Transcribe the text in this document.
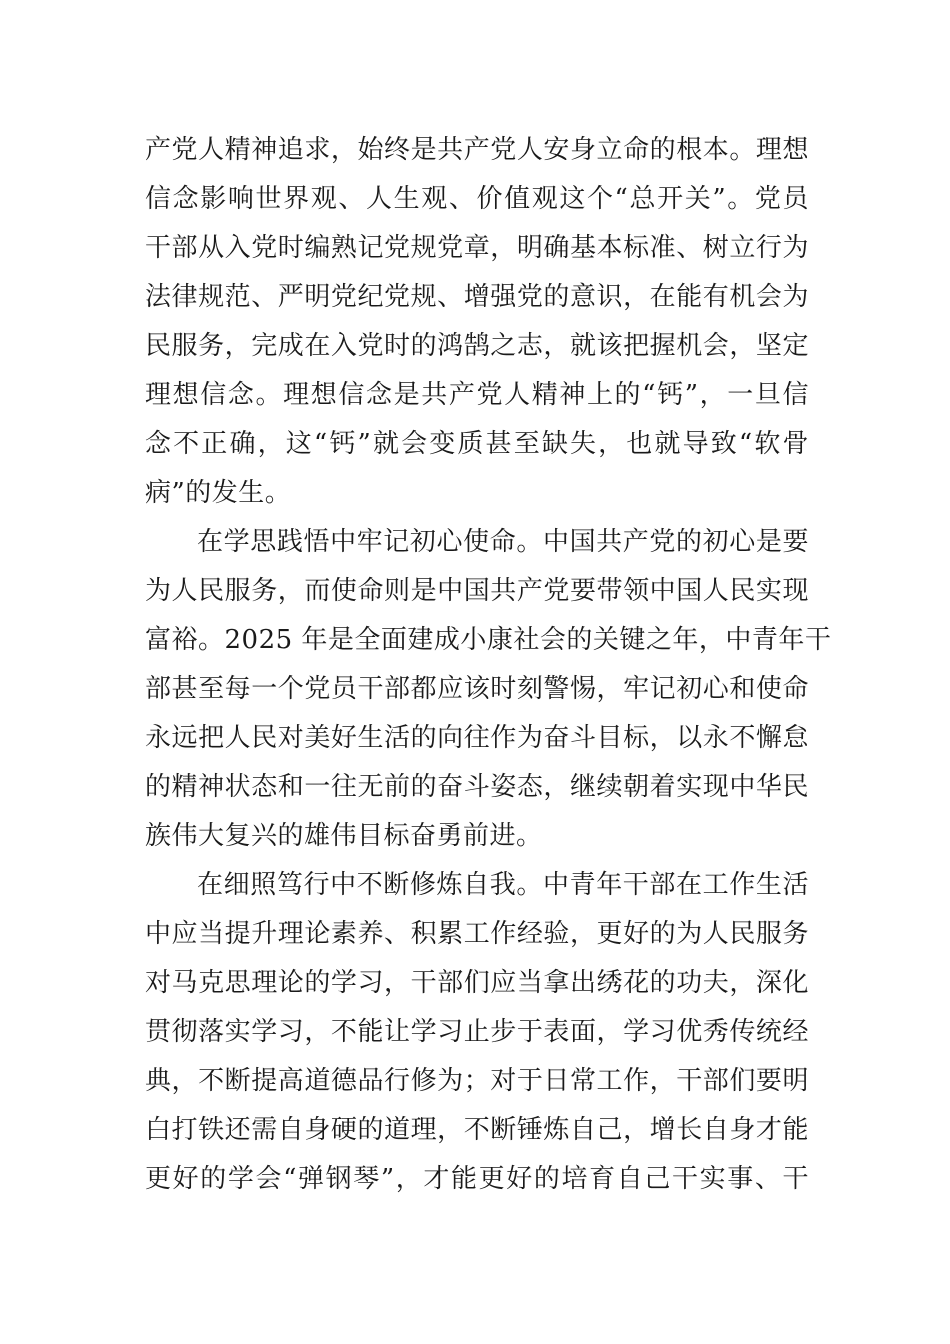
产党人精神追求，始终是共产党人安身立命的根本。理想
信念影响世界观、人生观、价值观这个“总开关”。党员
干部从入党时编熟记党规党章，明确基本标准、树立行为
法律规范、严明党纪党规、增强党的意识，在能有机会为
民服务，完成在入党时的鸿鹄之志，就该把握机会，坚定
理想信念。理想信念是共产党人精神上的“钙”，一旦信
念不正确，这“钙”就会变质甚至缺失，也就导致“软骨
病”的发生。
在学思践悟中牢记初心使命。中国共产党的初心是要
为人民服务，而使命则是中国共产党要带领中国人民实现
富裕。2025 年是全面建成小康社会的关键之年，中青年干
部甚至每一个党员干部都应该时刻警惕，牢记初心和使命
永远把人民对美好生活的向往作为奋斗目标，以永不懈怠
的精神状态和一往无前的奋斗姿态，继续朝着实现中华民
族伟大复兴的雄伟目标奋勇前进。
在细照笃行中不断修炼自我。中青年干部在工作生活
中应当提升理论素养、积累工作经验，更好的为人民服务
对马克思理论的学习，干部们应当拿出绣花的功夫，深化
贯彻落实学习，不能让学习止步于表面，学习优秀传统经
典，不断提高道德品行修为；对于日常工作，干部们要明
白打铁还需自身硬的道理，不断锤炼自己，增长自身才能
更好的学会“弹钢琴”，才能更好的培育自己干实事、干
